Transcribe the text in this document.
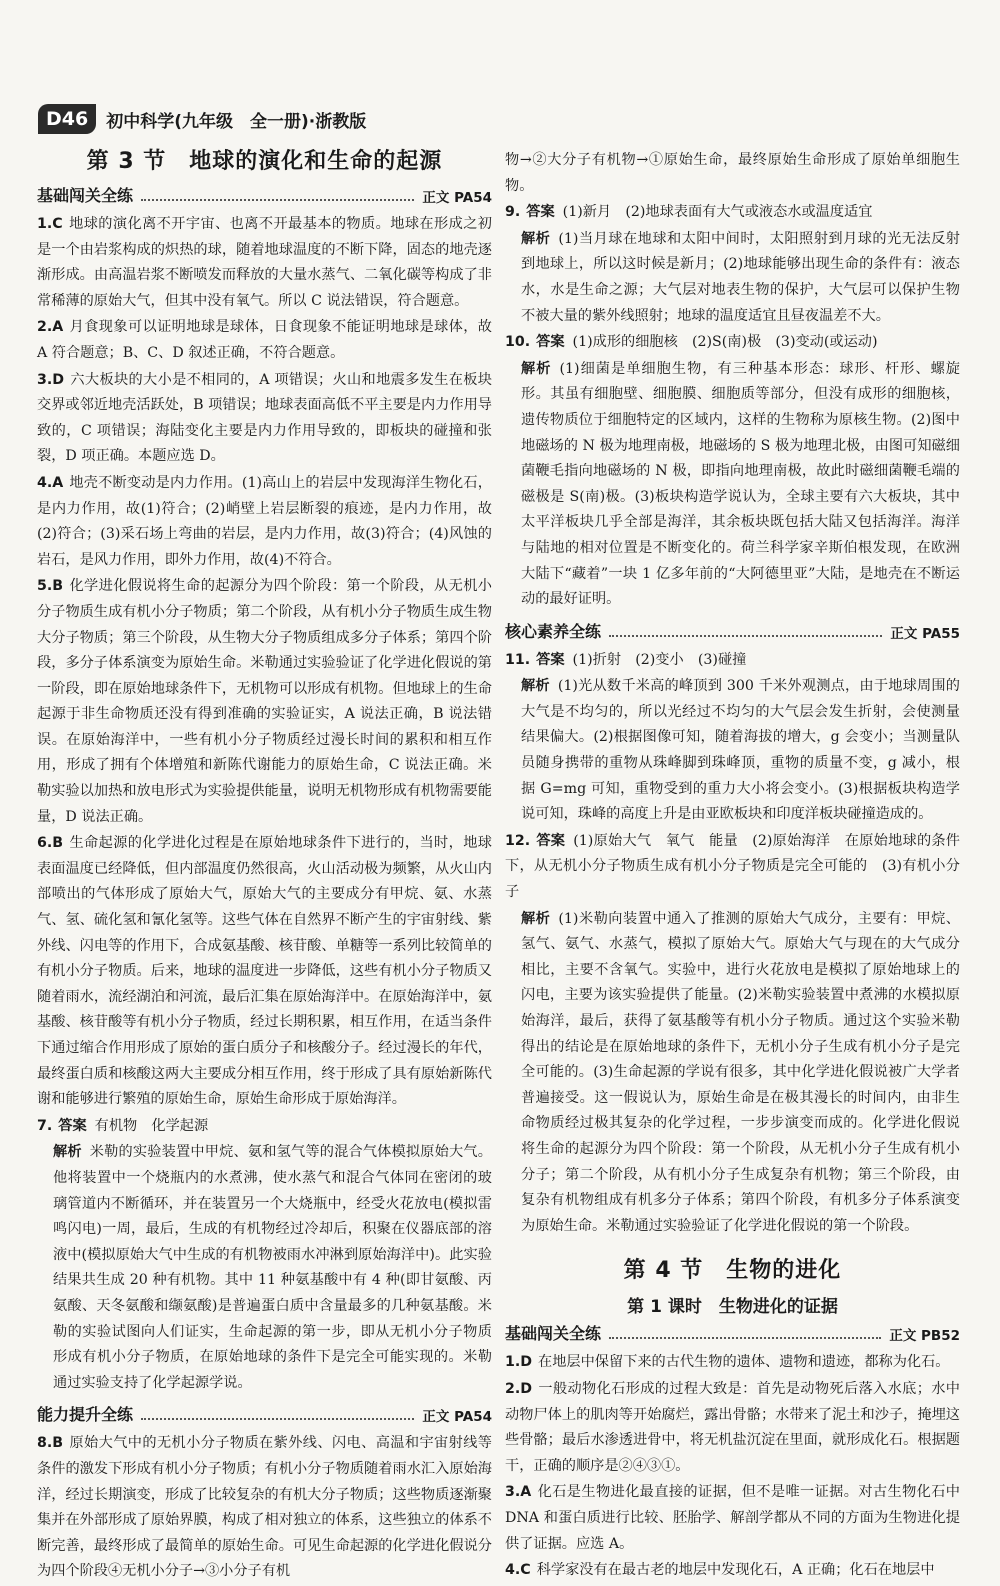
D46	初中科学(九年级　全一册)·浙教版
第 3 节　地球的演化和生命的起源
基础闯关全练	正文 PA54
1.C 地球的演化离不开宇宙、也离不开最基本的物质。地球在形成之初是一个由岩浆构成的炽热的球，随着地球温度的不断下降，固态的地壳逐渐形成。由高温岩浆不断喷发而释放的大量水蒸气、二氧化碳等构成了非常稀薄的原始大气，但其中没有氧气。所以 C 说法错误，符合题意。
2.A 月食现象可以证明地球是球体，日食现象不能证明地球是球体，故 A 符合题意；B、C、D 叙述正确，不符合题意。
3.D 六大板块的大小是不相同的，A 项错误；火山和地震多发生在板块交界或邻近地壳活跃处，B 项错误；地球表面高低不平主要是内力作用导致的，C 项错误；海陆变化主要是内力作用导致的，即板块的碰撞和张裂，D 项正确。本题应选 D。
4.A 地壳不断变动是内力作用。(1)高山上的岩层中发现海洋生物化石，是内力作用，故(1)符合；(2)峭壁上岩层断裂的痕迹，是内力作用，故(2)符合；(3)采石场上弯曲的岩层，是内力作用，故(3)符合；(4)风蚀的岩石，是风力作用，即外力作用，故(4)不符合。
5.B 化学进化假说将生命的起源分为四个阶段：第一个阶段，从无机小分子物质生成有机小分子物质；第二个阶段，从有机小分子物质生成生物大分子物质；第三个阶段，从生物大分子物质组成多分子体系；第四个阶段，多分子体系演变为原始生命。米勒通过实验验证了化学进化假说的第一阶段，即在原始地球条件下，无机物可以形成有机物。但地球上的生命起源于非生命物质还没有得到准确的实验证实，A 说法正确，B 说法错误。在原始海洋中，一些有机小分子物质经过漫长时间的累积和相互作用，形成了拥有个体增殖和新陈代谢能力的原始生命，C 说法正确。米勒实验以加热和放电形式为实验提供能量，说明无机物形成有机物需要能量，D 说法正确。
6.B 生命起源的化学进化过程是在原始地球条件下进行的，当时，地球表面温度已经降低，但内部温度仍然很高，火山活动极为频繁，从火山内部喷出的气体形成了原始大气，原始大气的主要成分有甲烷、氨、水蒸气、氢、硫化氢和氰化氢等。这些气体在自然界不断产生的宇宙射线、紫外线、闪电等的作用下，合成氨基酸、核苷酸、单糖等一系列比较简单的有机小分子物质。后来，地球的温度进一步降低，这些有机小分子物质又随着雨水，流经湖泊和河流，最后汇集在原始海洋中。在原始海洋中，氨基酸、核苷酸等有机小分子物质，经过长期积累，相互作用，在适当条件下通过缩合作用形成了原始的蛋白质分子和核酸分子。经过漫长的年代，最终蛋白质和核酸这两大主要成分相互作用，终于形成了具有原始新陈代谢和能够进行繁殖的原始生命，原始生命形成于原始海洋。
7. 答案 有机物　化学起源
解析 米勒的实验装置中甲烷、氨和氢气等的混合气体模拟原始大气。他将装置中一个烧瓶内的水煮沸，使水蒸气和混合气体同在密闭的玻璃管道内不断循环，并在装置另一个大烧瓶中，经受火花放电(模拟雷鸣闪电)一周，最后，生成的有机物经过冷却后，积聚在仪器底部的溶液中(模拟原始大气中生成的有机物被雨水冲淋到原始海洋中)。此实验结果共生成 20 种有机物。其中 11 种氨基酸中有 4 种(即甘氨酸、丙氨酸、天冬氨酸和缬氨酸)是普遍蛋白质中含量最多的几种氨基酸。米勒的实验试图向人们证实，生命起源的第一步，即从无机小分子物质形成有机小分子物质，在原始地球的条件下是完全可能实现的。米勒通过实验支持了化学起源学说。
能力提升全练	正文 PA54
8.B 原始大气中的无机小分子物质在紫外线、闪电、高温和宇宙射线等条件的激发下形成有机小分子物质；有机小分子物质随着雨水汇入原始海洋，经过长期演变，形成了比较复杂的有机大分子物质；这些物质逐渐聚集并在外部形成了原始界膜，构成了相对独立的体系，这些独立的体系不断完善，最终形成了最简单的原始生命。可见生命起源的化学进化假说分为四个阶段④无机小分子→③小分子有机
物→②大分子有机物→①原始生命，最终原始生命形成了原始单细胞生物。
9. 答案 (1)新月　(2)地球表面有大气或液态水或温度适宜
解析 (1)当月球在地球和太阳中间时，太阳照射到月球的光无法反射到地球上，所以这时候是新月；(2)地球能够出现生命的条件有：液态水，水是生命之源；大气层对地表生物的保护，大气层可以保护生物不被大量的紫外线照射；地球的温度适宜且昼夜温差不大。
10. 答案 (1)成形的细胞核　(2)S(南)极　(3)变动(或运动)
解析 (1)细菌是单细胞生物，有三种基本形态：球形、杆形、螺旋形。其虽有细胞壁、细胞膜、细胞质等部分，但没有成形的细胞核，遗传物质位于细胞特定的区域内，这样的生物称为原核生物。(2)图中地磁场的 N 极为地理南极，地磁场的 S 极为地理北极，由图可知磁细菌鞭毛指向地磁场的 N 极，即指向地理南极，故此时磁细菌鞭毛端的磁极是 S(南)极。(3)板块构造学说认为，全球主要有六大板块，其中太平洋板块几乎全部是海洋，其余板块既包括大陆又包括海洋。海洋与陆地的相对位置是不断变化的。荷兰科学家辛斯伯根发现，在欧洲大陆下“藏着”一块 1 亿多年前的“大阿德里亚”大陆，是地壳在不断运动的最好证明。
核心素养全练	正文 PA55
11. 答案 (1)折射　(2)变小　(3)碰撞
解析 (1)光从数千米高的峰顶到 300 千米外观测点，由于地球周围的大气是不均匀的，所以光经过不均匀的大气层会发生折射，会使测量结果偏大。(2)根据图像可知，随着海拔的增大，g 会变小；当测量队员随身携带的重物从珠峰脚到珠峰顶，重物的质量不变，g 减小，根据 G=mg 可知，重物受到的重力大小将会变小。(3)根据板块构造学说可知，珠峰的高度上升是由亚欧板块和印度洋板块碰撞造成的。
12. 答案 (1)原始大气　氧气　能量　(2)原始海洋　在原始地球的条件下，从无机小分子物质生成有机小分子物质是完全可能的　(3)有机小分子
解析 (1)米勒向装置中通入了推测的原始大气成分，主要有：甲烷、氢气、氨气、水蒸气，模拟了原始大气。原始大气与现在的大气成分相比，主要不含氧气。实验中，进行火花放电是模拟了原始地球上的闪电，主要为该实验提供了能量。(2)米勒实验装置中煮沸的水模拟原始海洋，最后，获得了氨基酸等有机小分子物质。通过这个实验米勒得出的结论是在原始地球的条件下，无机小分子生成有机小分子是完全可能的。(3)生命起源的学说有很多，其中化学进化假说被广大学者普遍接受。这一假说认为，原始生命是在极其漫长的时间内，由非生命物质经过极其复杂的化学过程，一步步演变而成的。化学进化假说将生命的起源分为四个阶段：第一个阶段，从无机小分子生成有机小分子；第二个阶段，从有机小分子生成复杂有机物；第三个阶段，由复杂有机物组成有机多分子体系；第四个阶段，有机多分子体系演变为原始生命。米勒通过实验验证了化学进化假说的第一个阶段。
第 4 节　生物的进化
第 1 课时　生物进化的证据
基础闯关全练	正文 PB52
1.D 在地层中保留下来的古代生物的遗体、遗物和遗迹，都称为化石。
2.D 一般动物化石形成的过程大致是：首先是动物死后落入水底；水中动物尸体上的肌肉等开始腐烂，露出骨骼；水带来了泥土和沙子，掩埋这些骨骼；最后水渗透进骨中，将无机盐沉淀在里面，就形成化石。根据题干，正确的顺序是②④③①。
3.A 化石是生物进化最直接的证据，但不是唯一证据。对古生物化石中 DNA 和蛋白质进行比较、胚胎学、解剖学都从不同的方面为生物进化提供了证据。应选 A。
4.C 科学家没有在最古老的地层中发现化石，A 正确；化石在地层中
